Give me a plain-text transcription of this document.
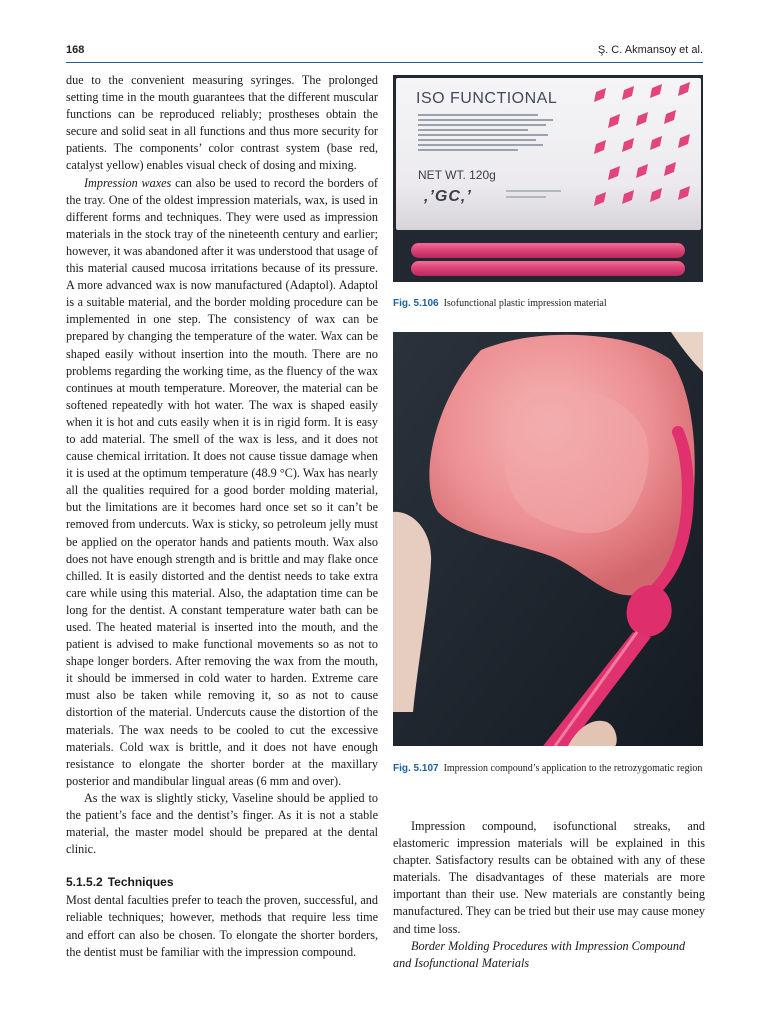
168	Ş. C. Akmansoy et al.

due to the convenient measuring syringes. The prolonged setting time in the mouth guarantees that the different muscular functions can be reproduced reliably; prostheses obtain the secure and solid seat in all functions and thus more security for patients. The components’ color contrast system (base red, catalyst yellow) enables visual check of dosing and mixing.

Impression waxes can also be used to record the borders of the tray. One of the oldest impression materials, wax, is used in different forms and techniques. They were used as impression materials in the stock tray of the nineteenth century and earlier; however, it was abandoned after it was understood that usage of this material caused mucosa irritations because of its pressure. A more advanced wax is now manufactured (Adaptol). Adaptol is a suitable material, and the border molding procedure can be implemented in one step. The consistency of wax can be prepared by changing the temperature of the water. Wax can be shaped easily without insertion into the mouth. There are no problems regarding the working time, as the fluency of the wax continues at mouth temperature. Moreover, the material can be softened repeatedly with hot water. The wax is shaped easily when it is hot and cuts easily when it is in rigid form. It is easy to add material. The smell of the wax is less, and it does not cause chemical irritation. It does not cause tissue damage when it is used at the optimum temperature (48.9 °C). Wax has nearly all the qualities required for a good border molding material, but the limitations are it becomes hard once set so it can’t be removed from undercuts. Wax is sticky, so petroleum jelly must be applied on the operator hands and patients mouth. Wax also does not have enough strength and is brittle and may flake once chilled. It is easily distorted and the dentist needs to take extra care while using this material. Also, the adaptation time can be long for the dentist. A constant temperature water bath can be used. The heated material is inserted into the mouth, and the patient is advised to make functional movements so as not to shape longer borders. After removing the wax from the mouth, it should be immersed in cold water to harden. Extreme care must also be taken while removing it, so as not to cause distortion of the material. Undercuts cause the distortion of the materials. The wax needs to be cooled to cut the excessive materials. Cold wax is brittle, and it does not have enough resistance to elongate the shorter border at the maxillary posterior and mandibular lingual areas (6 mm and over).

As the wax is slightly sticky, Vaseline should be applied to the patient’s face and the dentist’s finger. As it is not a stable material, the master model should be prepared at the dental clinic.

5.1.5.2 Techniques

Most dental faculties prefer to teach the proven, successful, and reliable techniques; however, methods that require less time and effort can also be chosen. To elongate the shorter borders, the dentist must be familiar with the impression compound.

ISO FUNCTIONAL
NET WT. 120g
‚’GC‚’
Fig. 5.106 Isofunctional plastic impression material
Fig. 5.107 Impression compound’s application to the retrozygomatic region

Impression compound, isofunctional streaks, and elastomeric impression materials will be explained in this chapter. Satisfactory results can be obtained with any of these materials. The disadvantages of these materials are more important than their use. New materials are constantly being manufactured. They can be tried but their use may cause money and time loss.

Border Molding Procedures with Impression Compound and Isofunctional Materials
